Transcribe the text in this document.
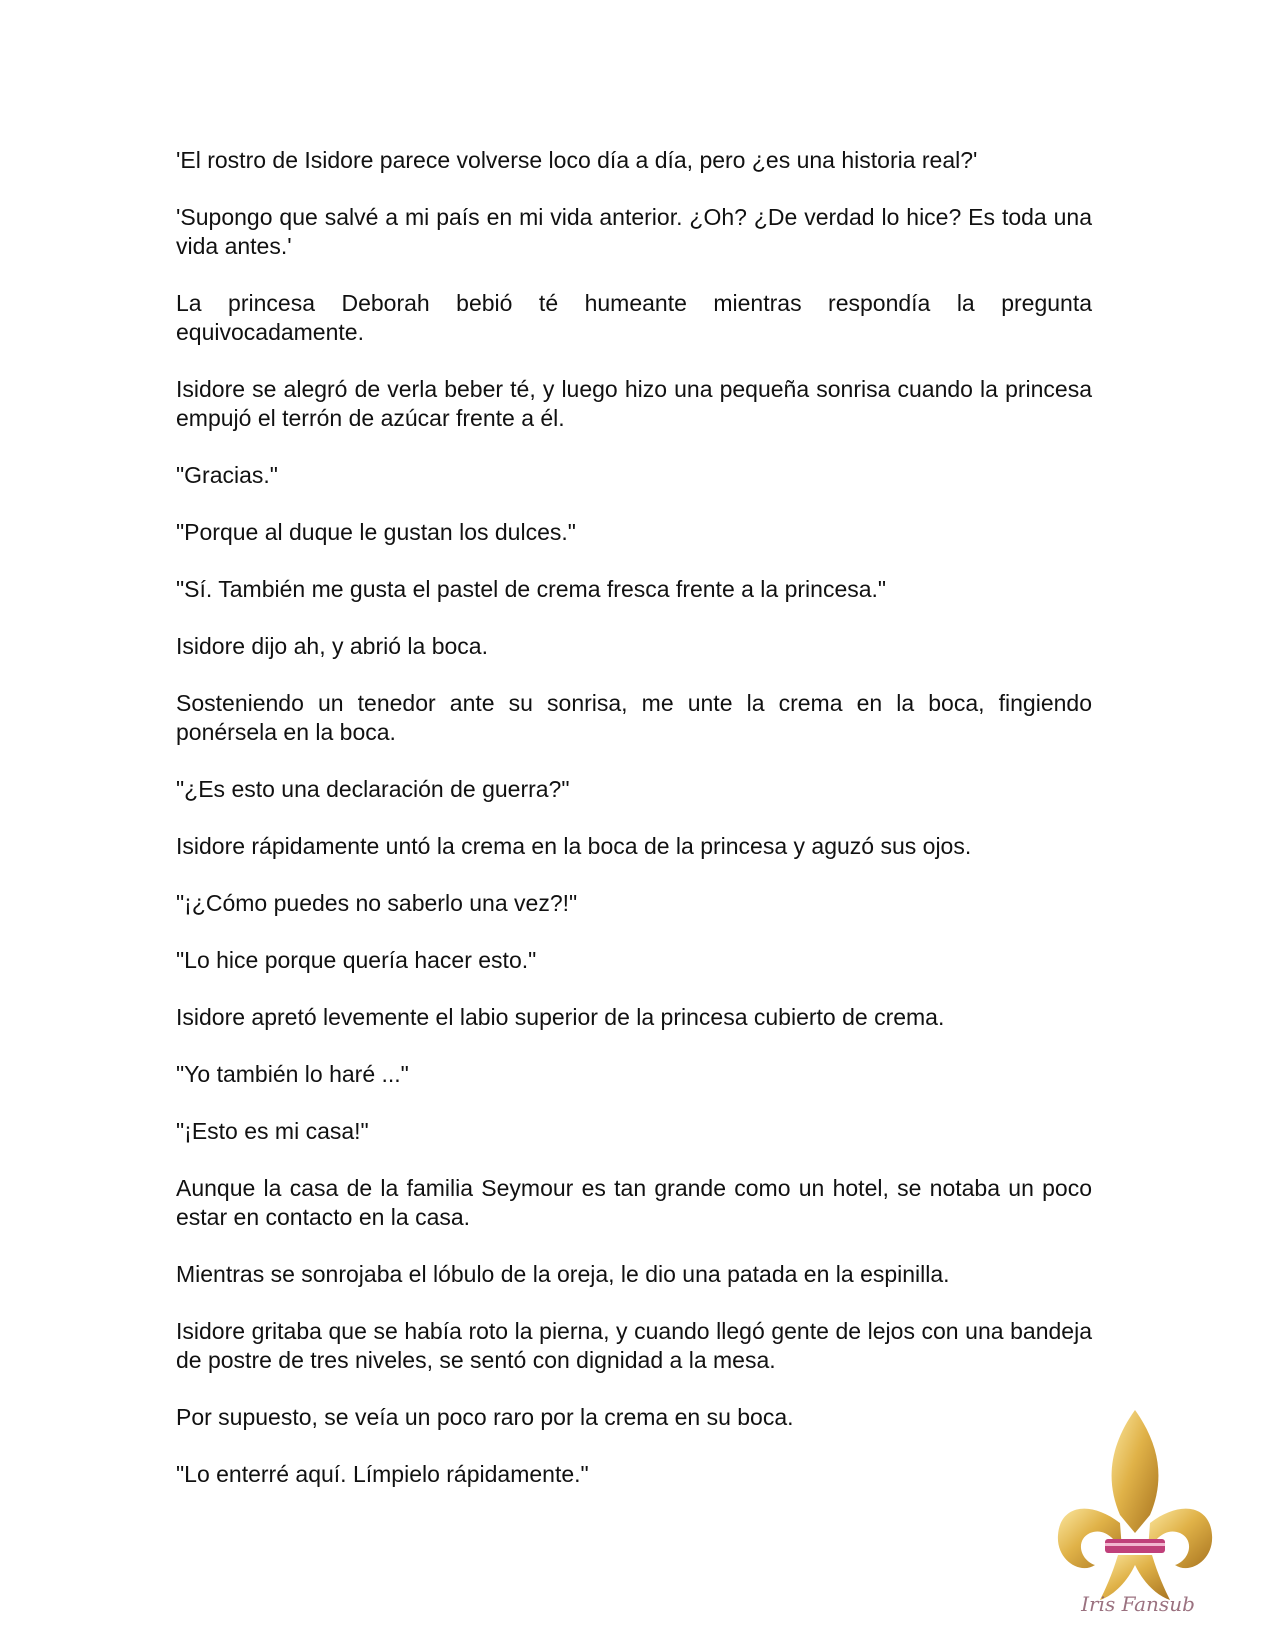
'El rostro de Isidore parece volverse loco día a día, pero ¿es una historia real?'

'Supongo que salvé a mi país en mi vida anterior. ¿Oh? ¿De verdad lo hice? Es toda una vida antes.'

La princesa Deborah bebió té humeante mientras respondía la pregunta equivocadamente.

Isidore se alegró de verla beber té, y luego hizo una pequeña sonrisa cuando la princesa empujó el terrón de azúcar frente a él.

"Gracias."

"Porque al duque le gustan los dulces."

"Sí. También me gusta el pastel de crema fresca frente a la princesa."

Isidore dijo ah, y abrió la boca.

Sosteniendo un tenedor ante su sonrisa, me unte la crema en la boca, fingiendo ponérsela en la boca.

"¿Es esto una declaración de guerra?"

Isidore rápidamente untó la crema en la boca de la princesa y aguzó sus ojos.

"¡¿Cómo puedes no saberlo una vez?!"

"Lo hice porque quería hacer esto."

Isidore apretó levemente el labio superior de la princesa cubierto de crema.

"Yo también lo haré ..."

"¡Esto es mi casa!"

Aunque la casa de la familia Seymour es tan grande como un hotel, se notaba un poco estar en contacto en la casa.

Mientras se sonrojaba el lóbulo de la oreja, le dio una patada en la espinilla.

Isidore gritaba que se había roto la pierna, y cuando llegó gente de lejos con una bandeja de postre de tres niveles, se sentó con dignidad a la mesa.

Por supuesto, se veía un poco raro por la crema en su boca.

"Lo enterré aquí. Límpielo rápidamente."

Iris Fansub
